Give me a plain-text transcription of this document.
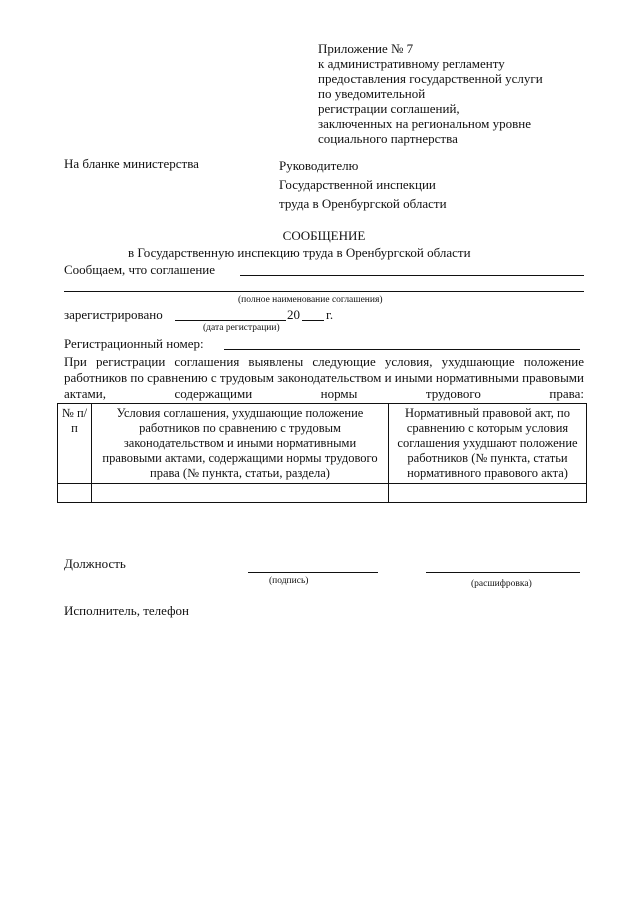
Приложение № 7
к административному регламенту
предоставления государственной услуги
по уведомительной
регистрации соглашений,
заключенных на региональном уровне
социального партнерства
На бланке министерства	Руководителю
Государственной инспекции
труда в Оренбургской области
СООБЩЕНИЕ
в Государственную инспекцию труда в Оренбургской области
Сообщаем, что соглашение
(полное наименование соглашения)
зарегистрировано	20 г.
(дата регистрации)
Регистрационный номер:
При регистрации соглашения выявлены следующие условия, ухудшающие положение работников по сравнению с трудовым законодательством и иными нормативными правовыми актами, содержащими нормы трудового права:
№ п/п	Условия соглашения, ухудшающие положение работников по сравнению с трудовым законодательством и иными нормативными правовыми актами, содержащими нормы трудового права (№ пункта, статьи, раздела)	Нормативный правовой акт, по сравнению с которым условия соглашения ухудшают положение работников (№ пункта, статьи нормативного правового акта)

Должность
(подпись)	(расшифровка)
Исполнитель, телефон
